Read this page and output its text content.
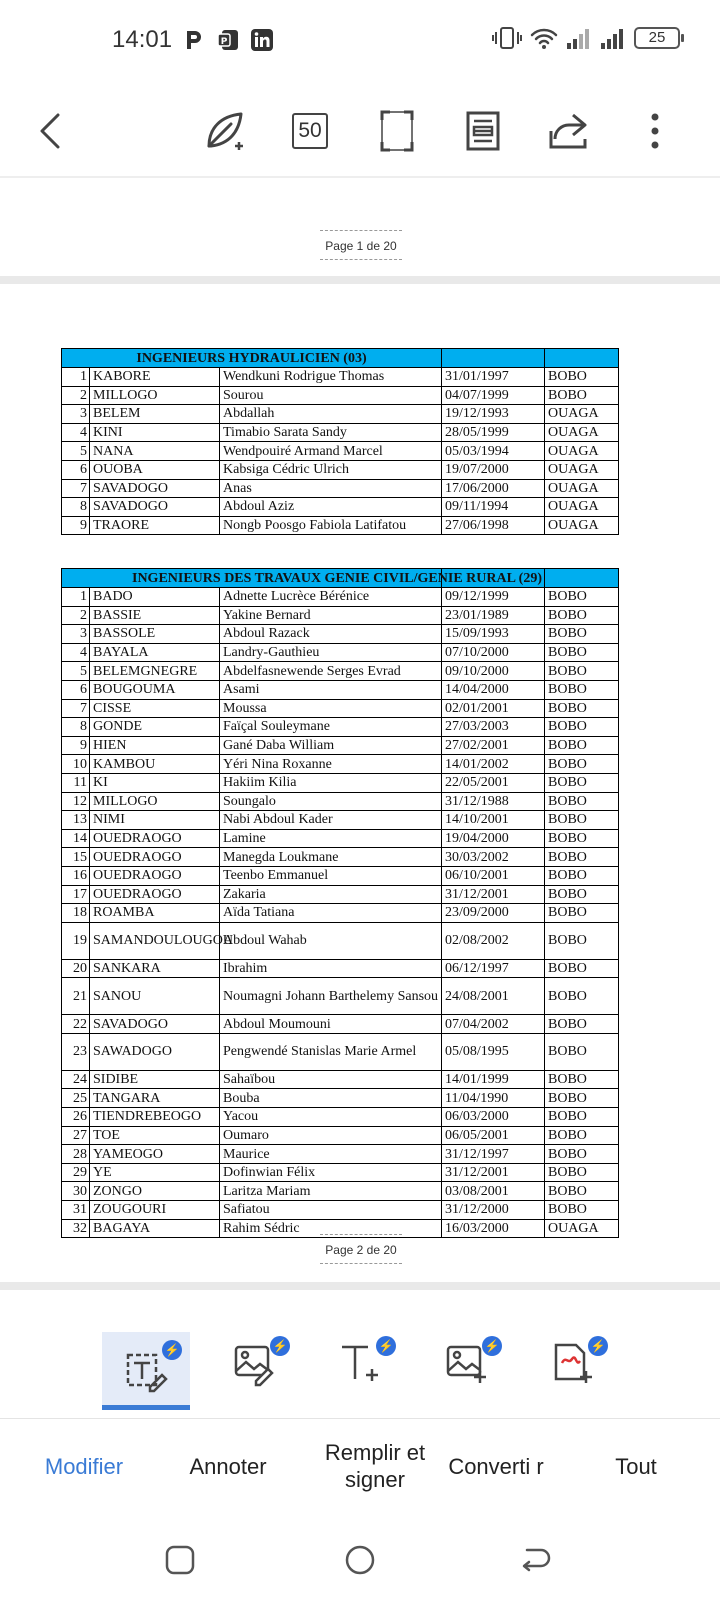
14:01	P	25
50
Page 1 de 20
INGENIEURS HYDRAULICIEN (03)				
1	KABORE	Wendkuni Rodrigue Thomas	31/01/1997	BOBO
2	MILLOGO	Sourou	04/07/1999	BOBO
3	BELEM	Abdallah	19/12/1993	OUAGA
4	KINI	Timabio Sarata Sandy	28/05/1999	OUAGA
5	NANA	Wendpouiré Armand Marcel	05/03/1994	OUAGA
6	OUOBA	Kabsiga Cédric Ulrich	19/07/2000	OUAGA
7	SAVADOGO	Anas	17/06/2000	OUAGA
8	SAVADOGO	Abdoul Aziz	09/11/1994	OUAGA
9	TRAORE	Nongb Poosgo Fabiola Latifatou	27/06/1998	OUAGA
INGENIEURS DES TRAVAUX GENIE CIVIL/GENIE RURAL (29)				
1	BADO	Adnette Lucrèce Bérénice	09/12/1999	BOBO
2	BASSIE	Yakine Bernard	23/01/1989	BOBO
3	BASSOLE	Abdoul Razack	15/09/1993	BOBO
4	BAYALA	Landry-Gauthieu	07/10/2000	BOBO
5	BELEMGNEGRE	Abdelfasnewende Serges Evrad	09/10/2000	BOBO
6	BOUGOUMA	Asami	14/04/2000	BOBO
7	CISSE	Moussa	02/01/2001	BOBO
8	GONDE	Faïçal Souleymane	27/03/2003	BOBO
9	HIEN	Gané Daba William	27/02/2001	BOBO
10	KAMBOU	Yéri Nina Roxanne	14/01/2002	BOBO
11	KI	Hakiim Kilia	22/05/2001	BOBO
12	MILLOGO	Soungalo	31/12/1988	BOBO
13	NIMI	Nabi Abdoul Kader	14/10/2001	BOBO
14	OUEDRAOGO	Lamine	19/04/2000	BOBO
15	OUEDRAOGO	Manegda Loukmane	30/03/2002	BOBO
16	OUEDRAOGO	Teenbo Emmanuel	06/10/2001	BOBO
17	OUEDRAOGO	Zakaria	31/12/2001	BOBO
18	ROAMBA	Aïda Tatiana	23/09/2000	BOBO
19	SAMANDOULOUGOU	Abdoul Wahab	02/08/2002	BOBO
20	SANKARA	Ibrahim	06/12/1997	BOBO
21	SANOU	Noumagni Johann Barthelemy Sansou	24/08/2001	BOBO
22	SAVADOGO	Abdoul Moumouni	07/04/2002	BOBO
23	SAWADOGO	Pengwendé Stanislas Marie Armel	05/08/1995	BOBO
24	SIDIBE	Sahaïbou	14/01/1999	BOBO
25	TANGARA	Bouba	11/04/1990	BOBO
26	TIENDREBEOGO	Yacou	06/03/2000	BOBO
27	TOE	Oumaro	06/05/2001	BOBO
28	YAMEOGO	Maurice	31/12/1997	BOBO
29	YE	Dofinwian Félix	31/12/2001	BOBO
30	ZONGO	Laritza Mariam	03/08/2001	BOBO
31	ZOUGOURI	Safiatou	31/12/2000	BOBO
32	BAGAYA	Rahim Sédric	16/03/2000	OUAGA
Page 2 de 20
⚡	⚡	⚡	⚡	⚡
Modifier	Annoter
Remplir et signer
Converti r	Tout
